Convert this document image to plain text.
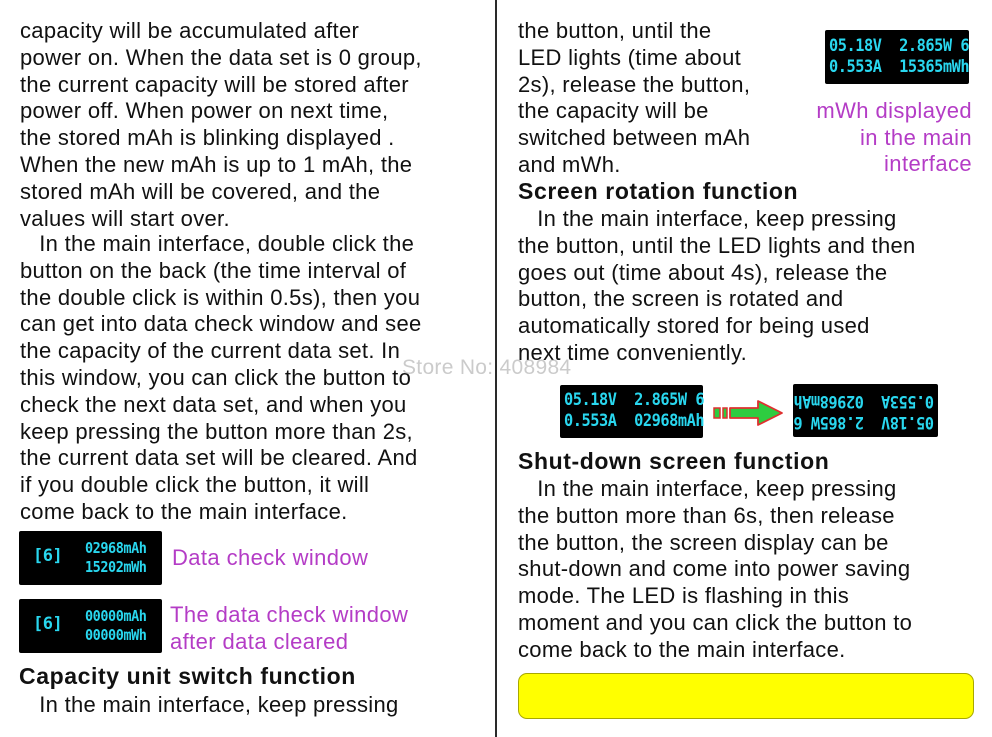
capacity will be accumulated after
power on. When the data set is 0 group,
the current capacity will be stored after
power off. When power on next time,
the stored mAh is blinking displayed .
When the new mAh is up to 1 mAh, the
stored mAh will be covered, and the
values will start over.

In the main interface, double click the
button on the back (the time interval of
the double click is within 0.5s), then you
can get into data check window and see
the capacity of the current data set. In
this window, you can click the button to
check the next data set, and when you
keep pressing the button more than 2s,
the current data set will be cleared. And
if you double click the button, it will
come back to the main interface.

[6] 02968mAh
15202mWh Data check window
[6] 00000mAh
00000mWh
The data check window
after data cleared
Capacity unit switch function

In the main interface, keep pressing

the button, until the
LED lights (time about
2s), release the button,
the capacity will be
switched between mAh
and mWh.

05.18V  2.865W 6
0.553A  15365mWh
mWh displayed
in the main
interface
Screen rotation function

In the main interface, keep pressing
the button, until the LED lights and then
goes out (time about 4s), release the
button, the screen is rotated and
automatically stored for being used
next time conveniently.

05.18V  2.865W 6
0.553A  02968mAh	05.18V  2.865W 6
0.553A  02968mAh
Shut-down screen function

In the main interface, keep pressing
the button more than 6s, then release
the button, the screen display can be
shut-down and come into power saving
mode. The LED is flashing in this
moment and you can click the button to
come back to the main interface.

Store No: 408984
